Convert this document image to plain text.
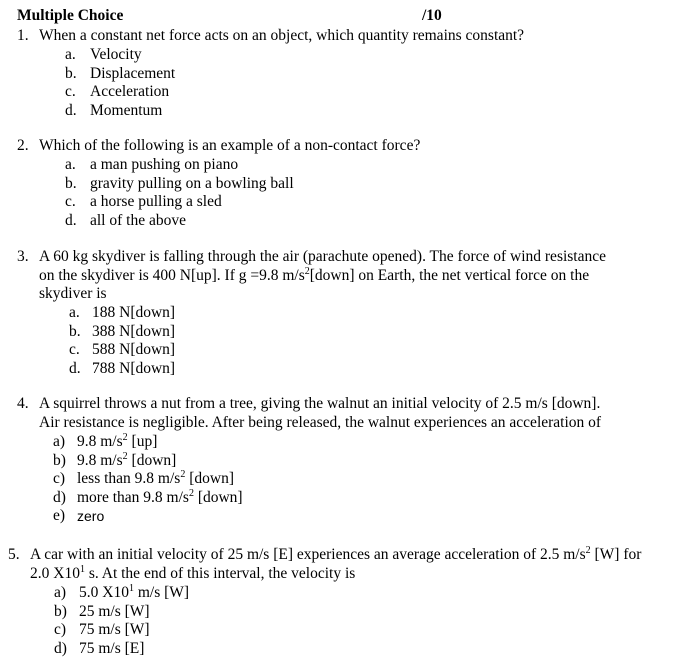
Multiple Choice	/10
1. When a constant net force acts on an object, which quantity remains constant?
a. Velocity
b. Displacement
c. Acceleration
d. Momentum
2. Which of the following is an example of a non-contact force?
a. a man pushing on piano
b. gravity pulling on a bowling ball
c. a horse pulling a sled
d. all of the above
3. A 60 kg skydiver is falling through the air (parachute opened). The force of wind resistance
on the skydiver is 400 N[up]. If g =9.8 $m/s^2[down]$ on Earth, the net vertical force on the
skydiver is
a. 188 N[down]
b. 388 N[down]
c. 588 N[down]
d. 788 N[down]
4. A squirrel throws a nut from a tree, giving the walnut an initial velocity of 2.5 m/s [down].
Air resistance is negligible. After being released, the walnut experiences an acceleration of
a) 9.8 $m/s^2$ [up]
b) 9.8 $m/s^2$ [down]
c) less than 9.8 $m/s^2$ [down]
d) more than 9.8 $m/s^2$ [down]
e) zero
5. A car with an initial velocity of 25 m/s [E] experiences an average acceleration of 2.5 $m/s^2$ [W] for
2.0 $X10^1$ s. At the end of this interval, the velocity is
a) 5.0 $X10^1$ m/s [W]
b) 25 m/s [W]
c) 75 m/s [W]
d) 75 m/s [E]
